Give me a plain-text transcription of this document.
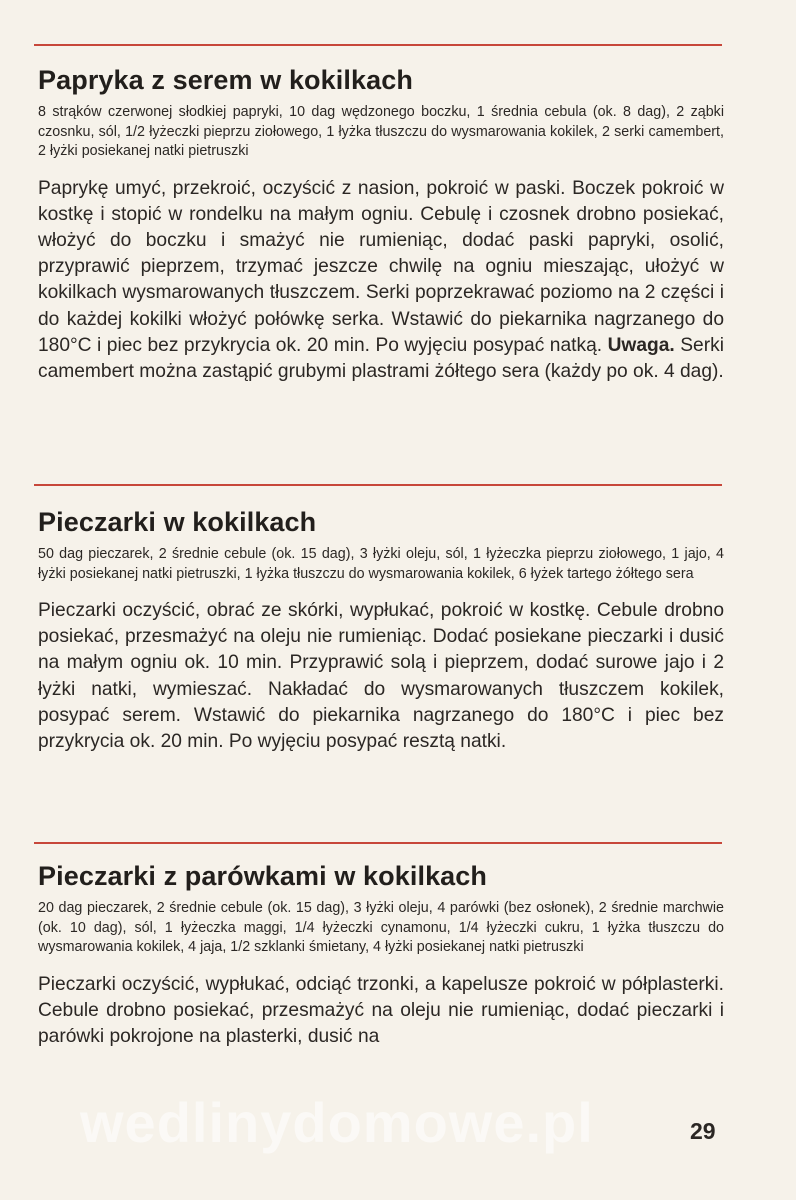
Papryka z serem w kokilkach

8 strąków czerwonej słodkiej papryki, 10 dag wędzonego boczku, 1 średnia cebula (ok. 8 dag), 2 ząbki czosnku, sól, 1/2 łyżeczki pieprzu ziołowego, 1 łyżka tłuszczu do wysmarowania kokilek, 2 serki camembert, 2 łyżki posiekanej natki pietruszki

Paprykę umyć, przekroić, oczyścić z nasion, pokroić w paski. Boczek pokroić w kostkę i stopić w rondelku na małym ogniu. Cebulę i czosnek drobno posiekać, włożyć do boczku i smażyć nie rumieniąc, dodać paski papryki, osolić, przyprawić pieprzem, trzymać jeszcze chwilę na ogniu mieszając, ułożyć w kokilkach wysmarowanych tłuszczem. Serki poprzekrawać poziomo na 2 części i do każdej kokilki włożyć połówkę serka. Wstawić do piekarnika nagrzanego do 180°C i piec bez przykrycia ok. 20 min. Po wyjęciu posypać natką. Uwaga. Serki camembert można zastąpić grubymi plastrami żółtego sera (każdy po ok. 4 dag).

Pieczarki w kokilkach

50 dag pieczarek, 2 średnie cebule (ok. 15 dag), 3 łyżki oleju, sól, 1 łyżeczka pieprzu ziołowego, 1 jajo, 4 łyżki posiekanej natki pietruszki, 1 łyżka tłuszczu do wysmarowania kokilek, 6 łyżek tartego żółtego sera

Pieczarki oczyścić, obrać ze skórki, wypłukać, pokroić w kostkę. Cebule drobno posiekać, przesmażyć na oleju nie rumieniąc. Dodać posiekane pieczarki i dusić na małym ogniu ok. 10 min. Przyprawić solą i pieprzem, dodać surowe jajo i 2 łyżki natki, wymieszać. Nakładać do wysmarowanych tłuszczem kokilek, posypać serem. Wstawić do piekarnika nagrzanego do 180°C i piec bez przykrycia ok. 20 min. Po wyjęciu posypać resztą natki.

Pieczarki z parówkami w kokilkach

20 dag pieczarek, 2 średnie cebule (ok. 15 dag), 3 łyżki oleju, 4 parówki (bez osłonek), 2 średnie marchwie (ok. 10 dag), sól, 1 łyżeczka maggi, 1/4 łyżeczki cynamonu, 1/4 łyżeczki cukru, 1 łyżka tłuszczu do wysmarowania kokilek, 4 jaja, 1/2 szklanki śmietany, 4 łyżki posiekanej natki pietruszki

Pieczarki oczyścić, wypłukać, odciąć trzonki, a kapelusze pokroić w półplasterki. Cebule drobno posiekać, przesmażyć na oleju nie rumieniąc, dodać pieczarki i parówki pokrojone na plasterki, dusić na

wedlinydomowe.pl	29
